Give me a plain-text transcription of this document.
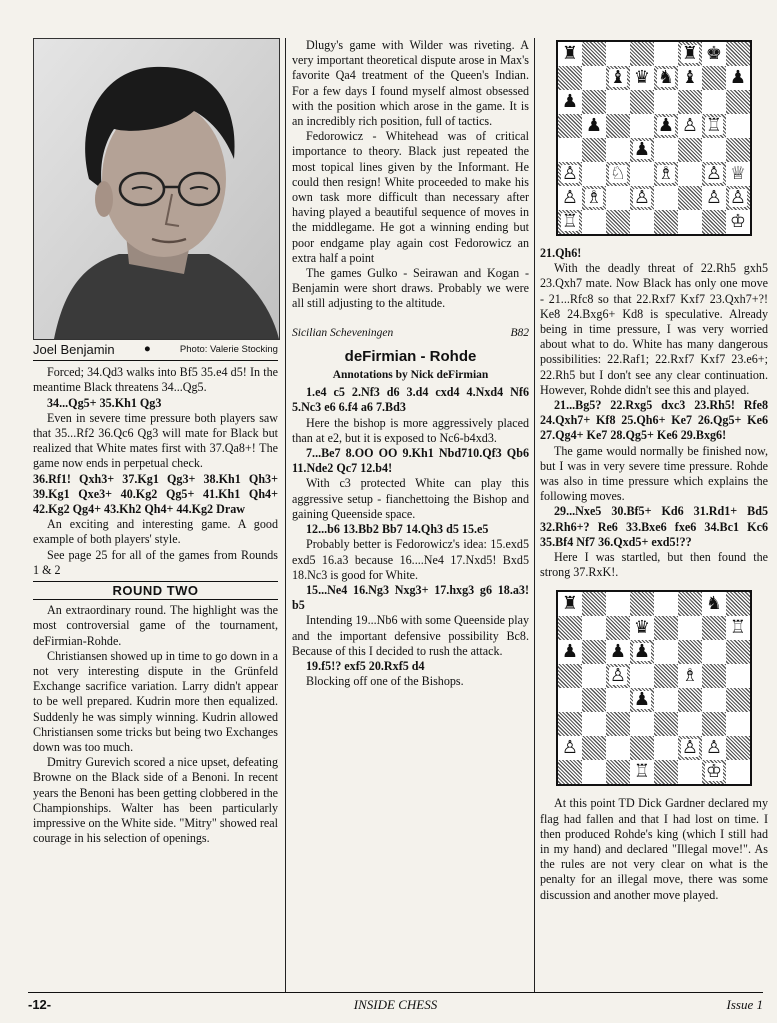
Joel Benjamin	●	Photo: Valerie Stocking

Forced; 34.Qd3 walks into Bf5 35.e4 d5! In the meantime Black threatens 34...Qg5.

34...Qg5+ 35.Kh1 Qg3

Even in severe time pressure both players saw that 35...Rf2 36.Qc6 Qg3 will mate for Black but realized that White mates first with 37.Qa8+! The game now ends in perpetual check.

36.Rf1! Qxh3+ 37.Kg1 Qg3+ 38.Kh1 Qh3+ 39.Kg1 Qxe3+ 40.Kg2 Qg5+ 41.Kh1 Qh4+ 42.Kg2 Qg4+ 43.Kh2 Qh4+ 44.Kg2 Draw

An exciting and interesting game. A good example of both players' style.

See page 25 for all of the games from Rounds 1 & 2

ROUND TWO

An extraordinary round. The highlight was the most controversial game of the tournament, deFirmian-Rohde.

Christiansen showed up in time to go down in a not very interesting dispute in the Grünfeld Exchange sacrifice variation. Larry didn't appear to be well prepared. Kudrin more then equalized. Suddenly he was simply winning. Kudrin allowed Christiansen some tricks but being two Exchanges down was too much.

Dmitry Gurevich scored a nice upset, defeating Browne on the Black side of a Benoni. In recent years the Benoni has been getting clobbered in the Championships. Walter has been particularly impressive on the White side. "Mitry" showed real courage in his selection of openings.

Dlugy's game with Wilder was riveting. A very important theoretical dispute arose in Max's favorite Qa4 treatment of the Queen's Indian. For a few days I found myself almost obsessed with the position which arose in the game. It is an incredibly rich position, full of tactics.

Fedorowicz - Whitehead was of critical importance to theory. Black just repeated the most topical lines given by the Informant. He could then resign! White proceeded to make his own task more difficult than necessary after having played a beautiful sequence of moves in the middlegame. He got a winning ending but poor endgame play again cost Fedorowicz an extra half a point

The games Gulko - Seirawan and Kogan - Benjamin were short draws. Probably we were all still adjusting to the altitude.

Sicilian Scheveningen	B82
deFirmian - Rohde
Annotations by Nick deFirmian

1.e4 c5 2.Nf3 d6 3.d4 cxd4 4.Nxd4 Nf6 5.Nc3 e6 6.f4 a6 7.Bd3

Here the bishop is more aggressively placed than at e2, but it is exposed to Nc6-b4xd3.

7...Be7 8.OO OO 9.Kh1 Nbd710.Qf3 Qb6 11.Nde2 Qc7 12.b4!

With c3 protected White can play this aggressive setup - fianchettoing the Bishop and gaining Queenside space.

12...b6 13.Bb2 Bb7 14.Qh3 d5 15.e5

Probably better is Fedorowicz's idea: 15.exd5 exd5 16.a3 because 16....Ne4 17.Nxd5! Bxd5 18.Nc3 is good for White.

15...Ne4 16.Ng3 Nxg3+ 17.hxg3 g6 18.a3! b5

Intending 19...Nb6 with some Queenside play and the important defensive possibility Bc8. Because of this I decided to rush the attack.

19.f5!? exf5 20.Rxf5 d4

Blocking off one of the Bishops.

♜	♜ ♚
♝ ♛ ♞ ♝ ♟
♟
♟	♟ ♙ ♖
♟
♙ ♘ ♗ ♙ ♕
♙ ♗ ♙	♙ ♙
♖	♔

21.Qh6!

With the deadly threat of 22.Rh5 gxh5 23.Qxh7 mate. Now Black has only one move - 21...Rfc8 so that 22.Rxf7 Kxf7 23.Qxh7+?! Ke8 24.Bxg6+ Kd8 is speculative. Already being in time pressure, I was very worried about what to do. White has many dangerous possibilities: 22.Raf1; 22.Rxf7 Kxf7 23.e6+; 22.Rh5 but I don't see any clear continuation. However, Rohde didn't see this and played.

21...Bg5? 22.Rxg5 dxc3 23.Rh5! Rfe8 24.Qxh7+ Kf8 25.Qh6+ Ke7 26.Qg5+ Ke6 27.Qg4+ Ke7 28.Qg5+ Ke6 29.Bxg6!

The game would normally be finished now, but I was in very severe time pressure. Rohde was also in time pressure which explains the following moves.

29...Nxe5 30.Bf5+ Kd6 31.Rd1+ Bd5 32.Rh6+? Re6 33.Bxe6 fxe6 34.Bc1 Kc6 35.Bf4 Nf7 36.Qxd5+ exd5!??

Here I was startled, but then found the strong 37.RxK!.

♜	♞
♛	♖
♟ ♟ ♟
♙	♗
♟
♙	♙ ♙
♖	♔

At this point TD Dick Gardner declared my flag had fallen and that I had lost on time. I then produced Rohde's king (which I still had in my hand) and declared "Illegal move!". As the rules are not very clear on what is the penalty for an illegal move, there was some discussion and another move played.

-12-	INSIDE CHESS	Issue 1
